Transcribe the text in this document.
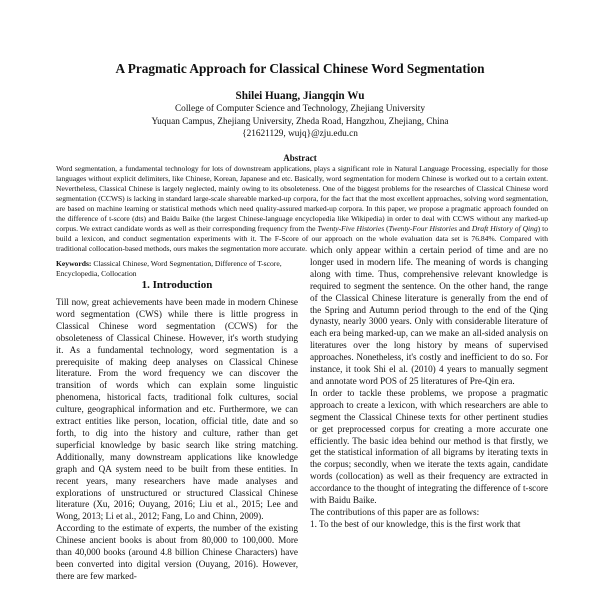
A Pragmatic Approach for Classical Chinese Word Segmentation
Shilei Huang, Jiangqin Wu
College of Computer Science and Technology, Zhejiang University
Yuquan Campus, Zhejiang University, Zheda Road, Hangzhou, Zhejiang, China
{21621129, wujq}@zju.edu.cn
Abstract

Word segmentation, a fundamental technology for lots of downstream applications, plays a significant role in Natural Language Processing, especially for those languages without explicit delimiters, like Chinese, Korean, Japanese and etc. Basically, word segmentation for modern Chinese is worked out to a certain extent. Nevertheless, Classical Chinese is largely neglected, mainly owing to its obsoleteness. One of the biggest problems for the researches of Classical Chinese word segmentation (CCWS) is lacking in standard large-scale shareable marked-up corpora, for the fact that the most excellent approaches, solving word segmentation, are based on machine learning or statistical methods which need quality-assured marked-up corpora. In this paper, we propose a pragmatic approach founded on the difference of t-score (dts) and Baidu Baike (the largest Chinese-language encyclopedia like Wikipedia) in order to deal with CCWS without any marked-up corpus. We extract candidate words as well as their corresponding frequency from the Twenty-Five Histories (Twenty-Four Histories and Draft History of Qing) to build a lexicon, and conduct segmentation experiments with it. The F-Score of our approach on the whole evaluation data set is 76.84%. Compared with traditional collocation-based methods, ours makes the segmentation more accurate.

Keywords: Classical Chinese, Word Segmentation, Difference of T-score, Encyclopedia, Collocation
1. Introduction

Till now, great achievements have been made in modern Chinese word segmentation (CWS) while there is little progress in Classical Chinese word segmentation (CCWS) for the obsoleteness of Classical Chinese. However, it's worth studying it. As a fundamental technology, word segmentation is a prerequisite of making deep analyses on Classical Chinese literature. From the word frequency we can discover the transition of words which can explain some linguistic phenomena, historical facts, traditional folk cultures, social culture, geographical information and etc. Furthermore, we can extract entities like person, location, official title, date and so forth, to dig into the history and culture, rather than get superficial knowledge by basic search like string matching. Additionally, many downstream applications like knowledge graph and QA system need to be built from these entities. In recent years, many researchers have made analyses and explorations of unstructured or structured Classical Chinese literature (Xu, 2016; Ouyang, 2016; Liu et al., 2015; Lee and Wong, 2013; Li et al., 2012; Fang, Lo and Chinn, 2009).

According to the estimate of experts, the number of the existing Chinese ancient books is about from 80,000 to 100,000. More than 40,000 books (around 4.8 billion Chinese Characters) have been converted into digital version (Ouyang, 2016). However, there are few marked-

which only appear within a certain period of time and are no longer used in modern life. The meaning of words is changing along with time. Thus, comprehensive relevant knowledge is required to segment the sentence. On the other hand, the range of the Classical Chinese literature is generally from the end of the Spring and Autumn period through to the end of the Qing dynasty, nearly 3000 years. Only with considerable literature of each era being marked-up, can we make an all-sided analysis on literatures over the long history by means of supervised approaches. Nonetheless, it's costly and inefficient to do so. For instance, it took Shi el al. (2010) 4 years to manually segment and annotate word POS of 25 literatures of Pre-Qin era.

In order to tackle these problems, we propose a pragmatic approach to create a lexicon, with which researchers are able to segment the Classical Chinese texts for other pertinent studies or get preprocessed corpus for creating a more accurate one efficiently. The basic idea behind our method is that firstly, we get the statistical information of all bigrams by iterating texts in the corpus; secondly, when we iterate the texts again, candidate words (collocation) as well as their frequency are extracted in accordance to the thought of integrating the difference of t-score with Baidu Baike.

The contributions of this paper are as follows:

1. To the best of our knowledge, this is the first work that
